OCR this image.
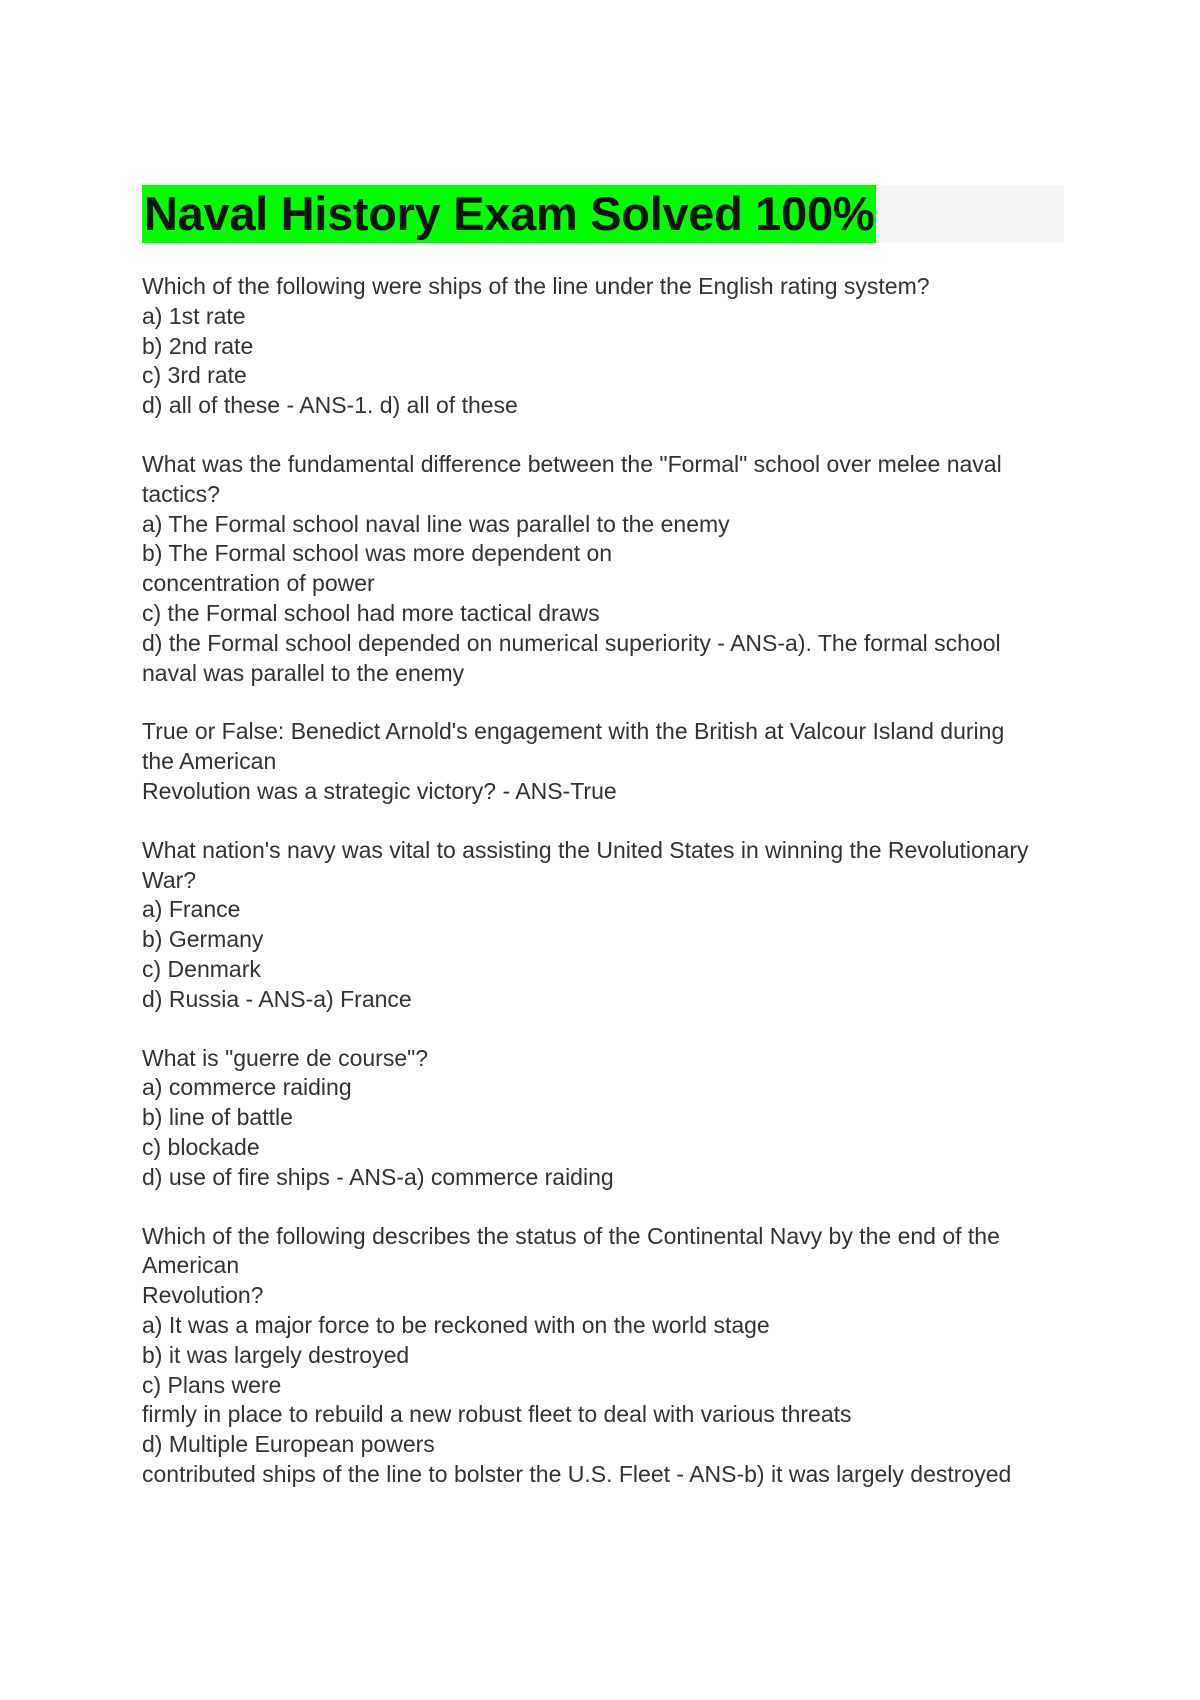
Naval History Exam Solved 100%
Which of the following were ships of the line under the English rating system?
a) 1st rate
b) 2nd rate
c) 3rd rate
d) all of these - ANS-1. d) all of these
What was the fundamental difference between the "Formal" school over melee naval
tactics?
a) The Formal school naval line was parallel to the enemy
b) The Formal school was more dependent on
concentration of power
c) the Formal school had more tactical draws
d) the Formal school depended on numerical superiority - ANS-a). The formal school
naval was parallel to the enemy
True or False: Benedict Arnold's engagement with the British at Valcour Island during
the American
Revolution was a strategic victory? - ANS-True
What nation's navy was vital to assisting the United States in winning the Revolutionary
War?
a) France
b) Germany
c) Denmark
d) Russia - ANS-a) France
What is "guerre de course"?
a) commerce raiding
b) line of battle
c) blockade
d) use of fire ships - ANS-a) commerce raiding
Which of the following describes the status of the Continental Navy by the end of the
American
Revolution?
a) It was a major force to be reckoned with on the world stage
b) it was largely destroyed
c) Plans were
firmly in place to rebuild a new robust fleet to deal with various threats
d) Multiple European powers
contributed ships of the line to bolster the U.S. Fleet - ANS-b) it was largely destroyed
